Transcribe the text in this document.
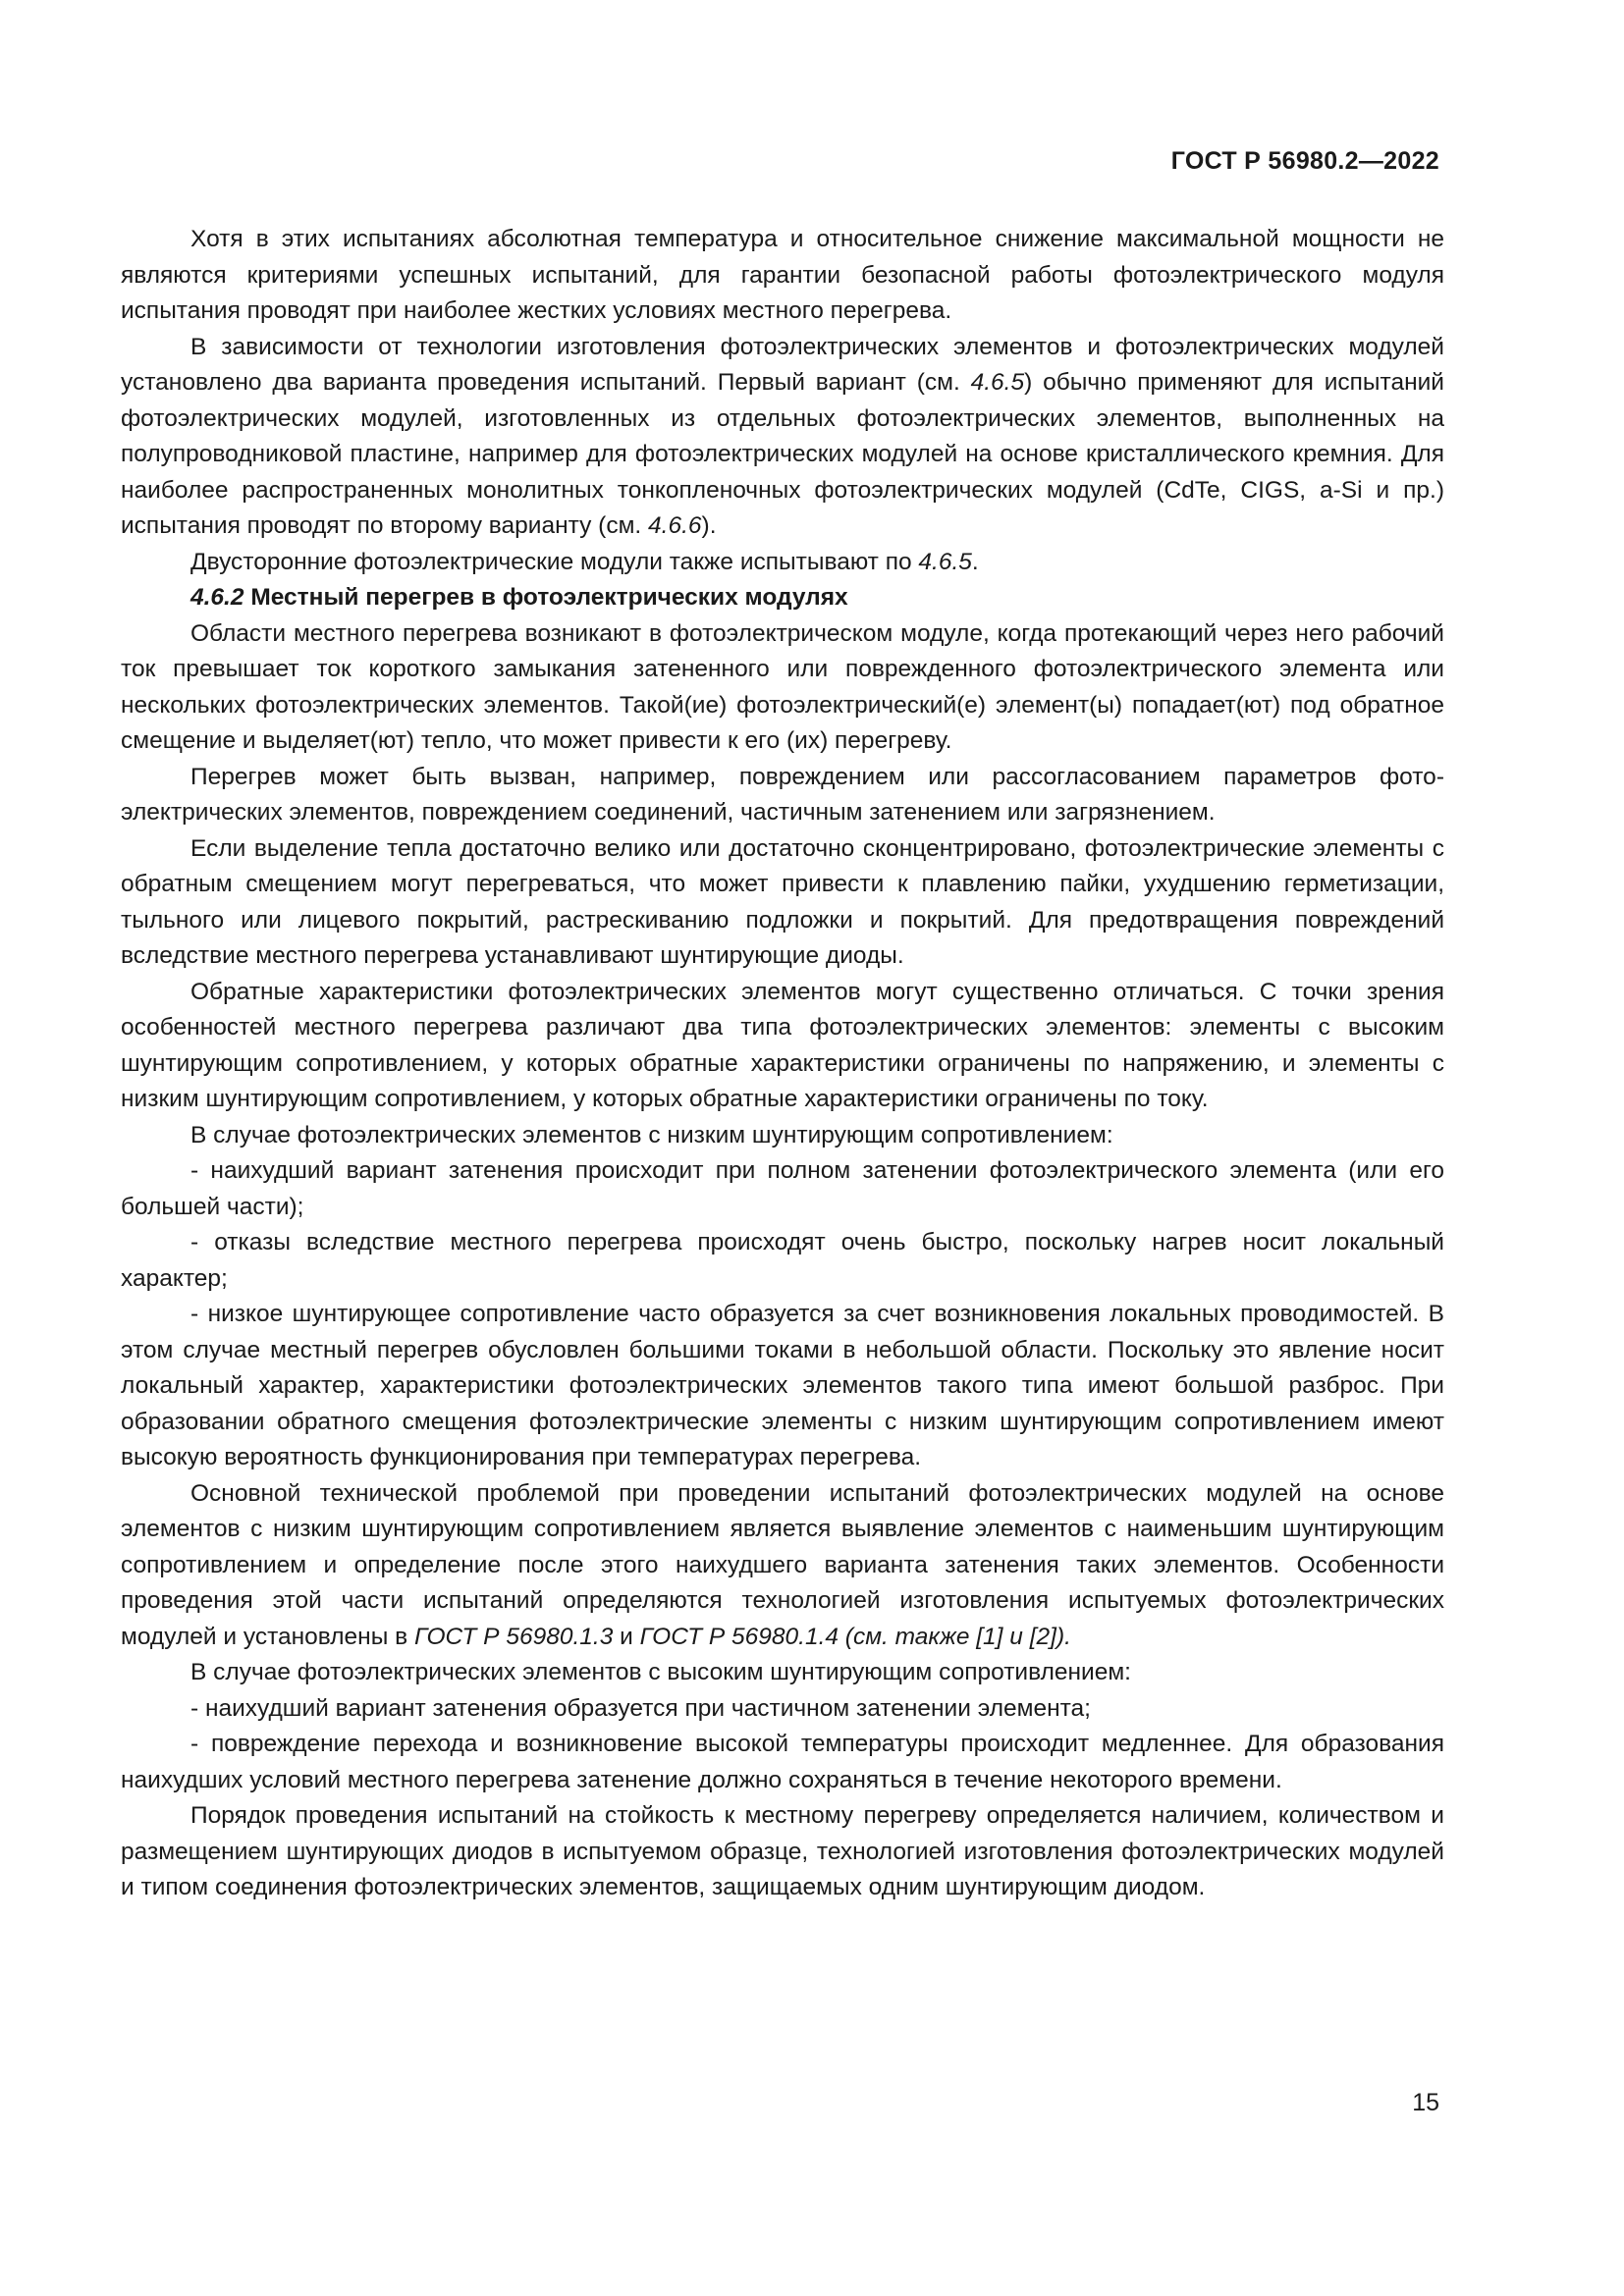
ГОСТ Р 56980.2—2022

Хотя в этих испытаниях абсолютная температура и относительное снижение максимальной мощности не являются критериями успешных испытаний, для гарантии безопасной работы фотоэлектрического модуля испытания проводят при наиболее жестких условиях местного перегрева.

В зависимости от технологии изготовления фотоэлектрических элементов и фотоэлектрических модулей установлено два варианта проведения испытаний. Первый вариант (см. 4.6.5) обычно применяют для испытаний фотоэлектрических модулей, изготовленных из отдельных фотоэлектрических элементов, выполненных на полупроводниковой пластине, например для фотоэлектрических модулей на основе кристаллического кремния. Для наиболее распространенных монолитных тонкопленочных фотоэлектрических модулей (CdTe, CIGS, a-Si и пр.) испытания проводят по второму варианту (см. 4.6.6).

Двусторонние фотоэлектрические модули также испытывают по 4.6.5.

4.6.2 Местный перегрев в фотоэлектрических модулях

Области местного перегрева возникают в фотоэлектрическом модуле, когда протекающий через него рабочий ток превышает ток короткого замыкания затененного или поврежденного фотоэлектрического элемента или нескольких фотоэлектрических элементов. Такой(ие) фотоэлектрический(е) элемент(ы) попадает(ют) под обратное смещение и выделяет(ют) тепло, что может привести к его (их) перегреву.

Перегрев может быть вызван, например, повреждением или рассогласованием параметров фотоэлектрических элементов, повреждением соединений, частичным затенением или загрязнением.

Если выделение тепла достаточно велико или достаточно сконцентрировано, фотоэлектрические элементы с обратным смещением могут перегреваться, что может привести к плавлению пайки, ухудшению герметизации, тыльного или лицевого покрытий, растрескиванию подложки и покрытий. Для предотвращения повреждений вследствие местного перегрева устанавливают шунтирующие диоды.

Обратные характеристики фотоэлектрических элементов могут существенно отличаться. С точки зрения особенностей местного перегрева различают два типа фотоэлектрических элементов: элементы с высоким шунтирующим сопротивлением, у которых обратные характеристики ограничены по напряжению, и элементы с низким шунтирующим сопротивлением, у которых обратные характеристики ограничены по току.

В случае фотоэлектрических элементов с низким шунтирующим сопротивлением:

- наихудший вариант затенения происходит при полном затенении фотоэлектрического элемента (или его большей части);

- отказы вследствие местного перегрева происходят очень быстро, поскольку нагрев носит локальный характер;

- низкое шунтирующее сопротивление часто образуется за счет возникновения локальных проводимостей. В этом случае местный перегрев обусловлен большими токами в небольшой области. Поскольку это явление носит локальный характер, характеристики фотоэлектрических элементов такого типа имеют большой разброс. При образовании обратного смещения фотоэлектрические элементы с низким шунтирующим сопротивлением имеют высокую вероятность функционирования при температурах перегрева.

Основной технической проблемой при проведении испытаний фотоэлектрических модулей на основе элементов с низким шунтирующим сопротивлением является выявление элементов с наименьшим шунтирующим сопротивлением и определение после этого наихудшего варианта затенения таких элементов. Особенности проведения этой части испытаний определяются технологией изготовления испытуемых фотоэлектрических модулей и установлены в ГОСТ Р 56980.1.3 и ГОСТ Р 56980.1.4 (см. также [1] и [2]).

В случае фотоэлектрических элементов с высоким шунтирующим сопротивлением:

- наихудший вариант затенения образуется при частичном затенении элемента;

- повреждение перехода и возникновение высокой температуры происходит медленнее. Для образования наихудших условий местного перегрева затенение должно сохраняться в течение некоторого времени.

Порядок проведения испытаний на стойкость к местному перегреву определяется наличием, количеством и размещением шунтирующих диодов в испытуемом образце, технологией изготовления фотоэлектрических модулей и типом соединения фотоэлектрических элементов, защищаемых одним шунтирующим диодом.

15
